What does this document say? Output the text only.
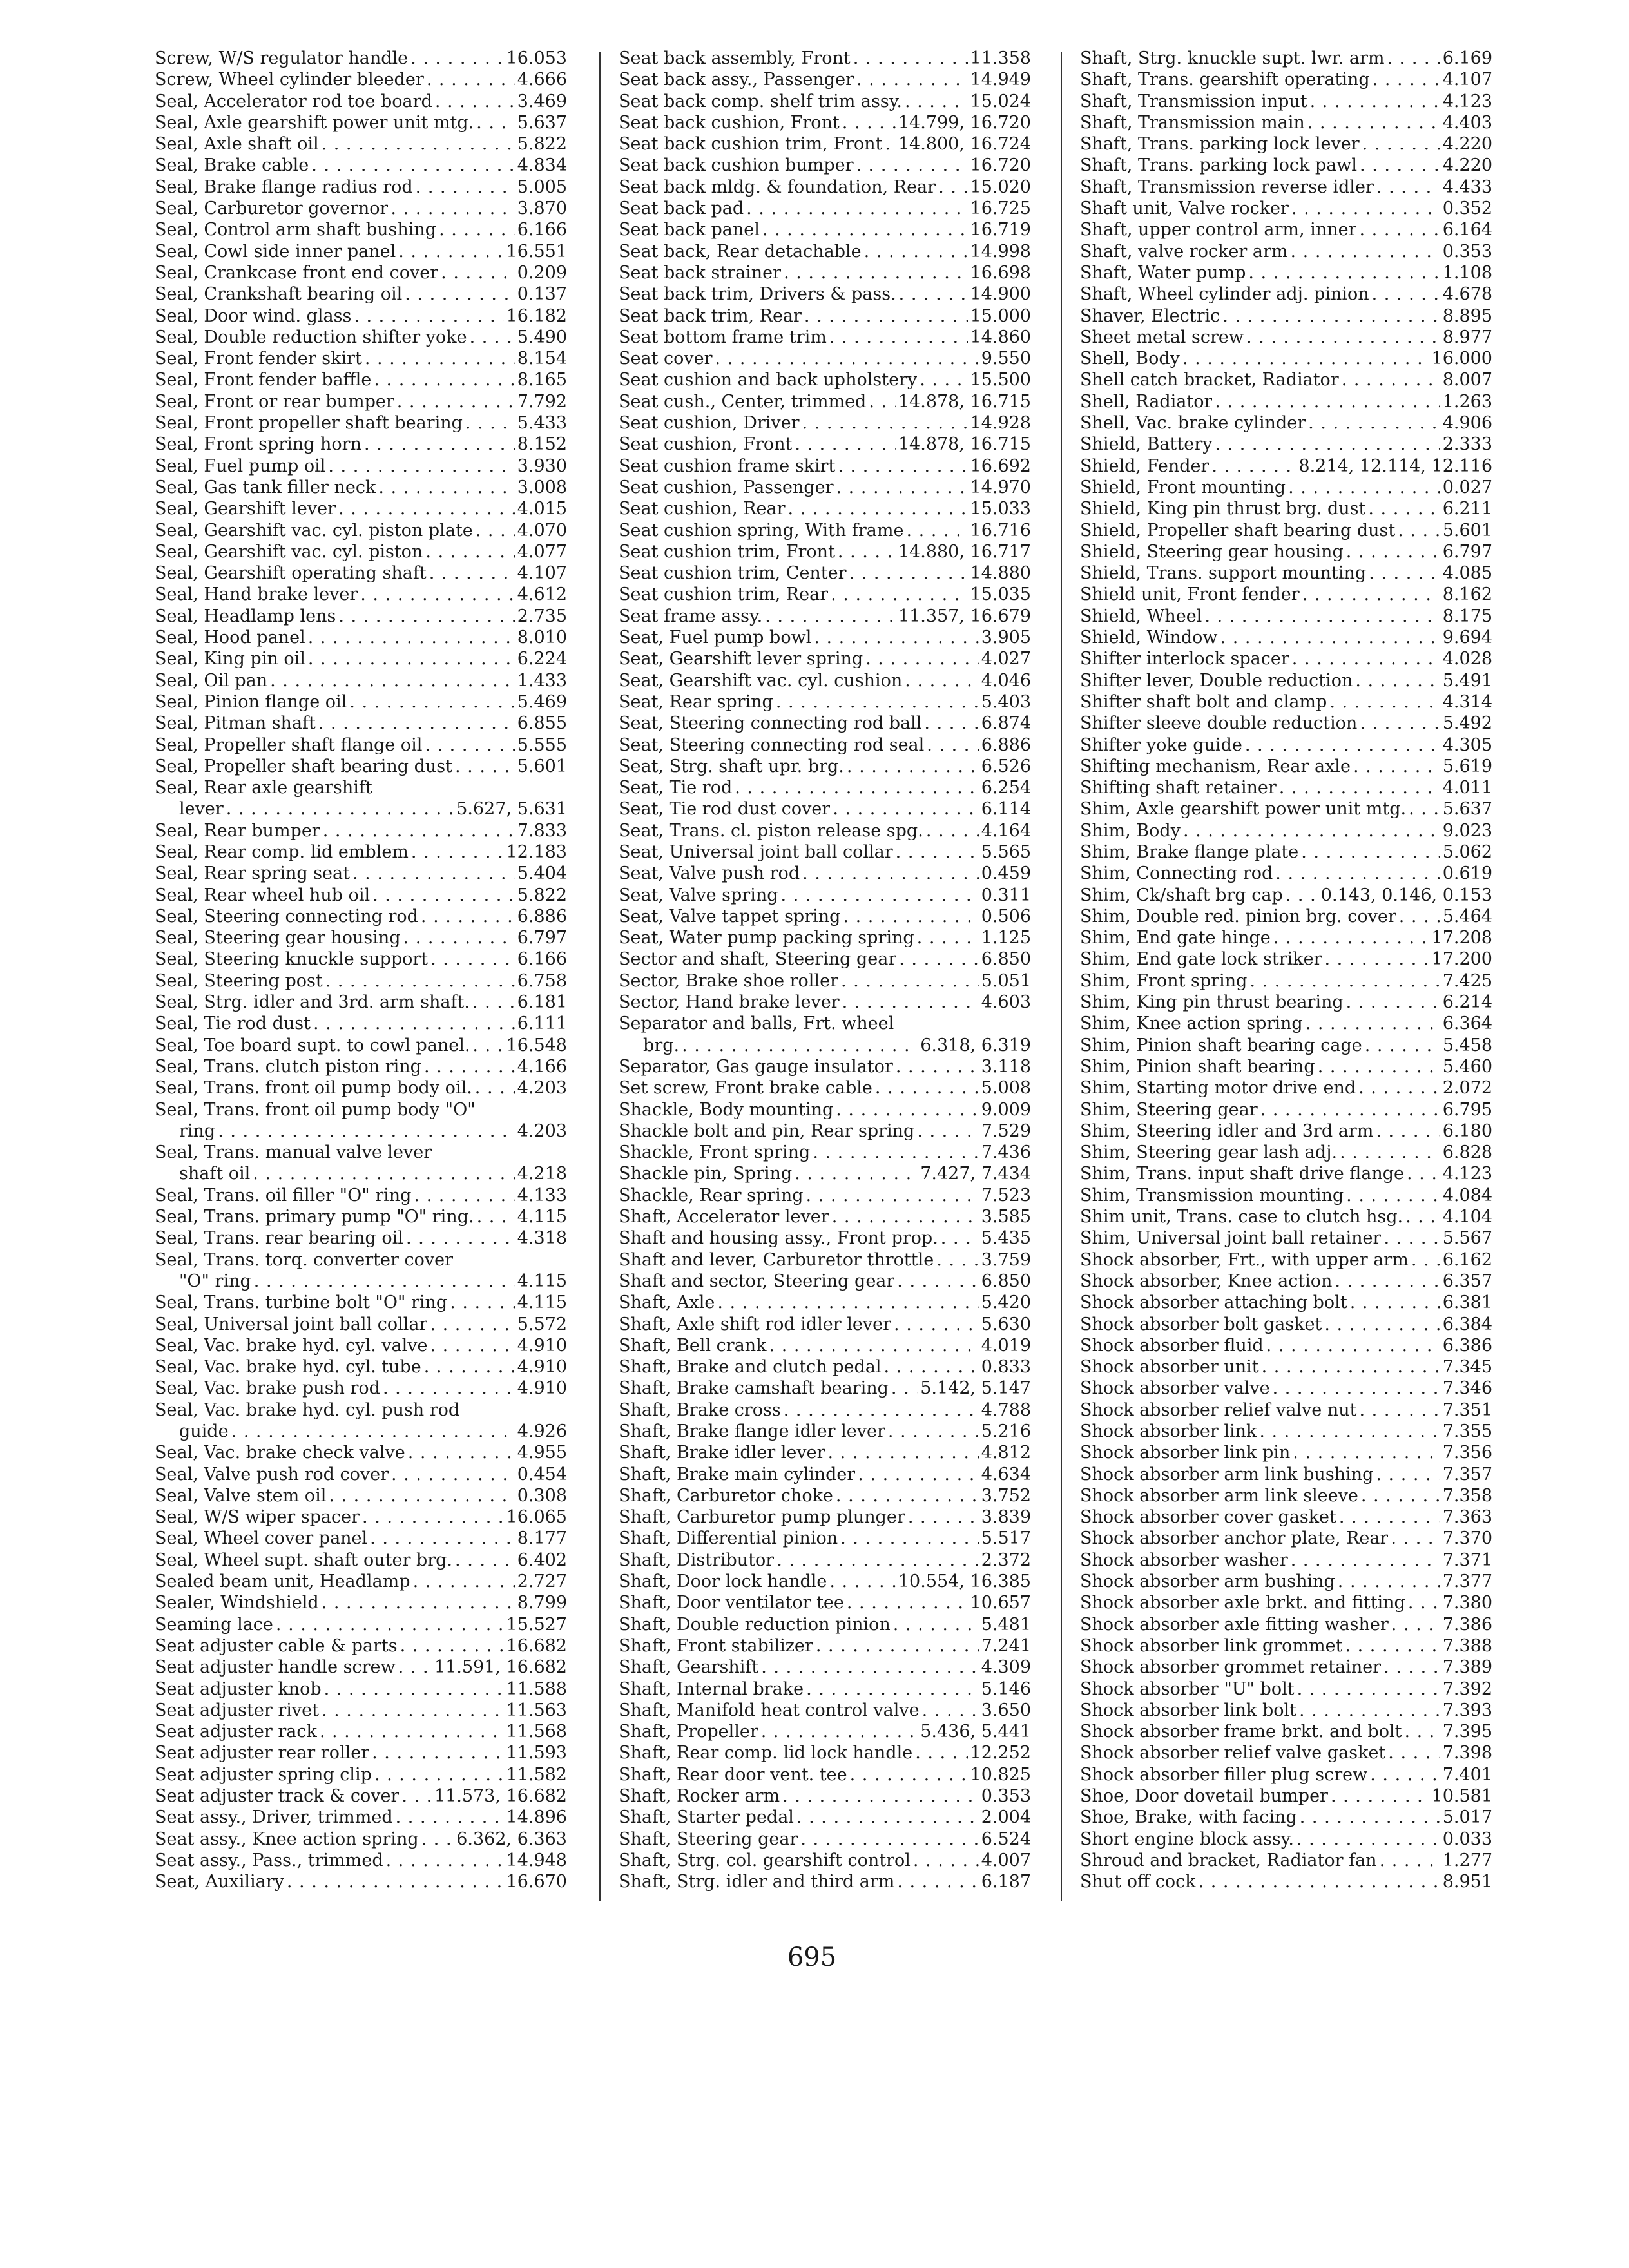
Screw, W/S regulator handle . . .	16.053
Screw, Wheel cylinder bleeder . . .	4.666
Seal, Accelerator rod toe board . . .	3.469
Seal, Axle gearshift power unit mtg. . . .	5.637
Seal, Axle shaft oil . . .	5.822
Seal, Brake cable . . .	4.834
Seal, Brake flange radius rod . . .	5.005
Seal, Carburetor governor . . .	3.870
Seal, Control arm shaft bushing . . .	6.166
Seal, Cowl side inner panel . . .	16.551
Seal, Crankcase front end cover . . .	0.209
Seal, Crankshaft bearing oil . . .	0.137
Seal, Door wind. glass . . .	16.182
Seal, Double reduction shifter yoke . . .	5.490
Seal, Front fender skirt . . .	8.154
Seal, Front fender baffle . . .	8.165
Seal, Front or rear bumper . . .	7.792
Seal, Front propeller shaft bearing . . .	5.433
Seal, Front spring horn . . .	8.152
Seal, Fuel pump oil . . .	3.930
Seal, Gas tank filler neck . . .	3.008
Seal, Gearshift lever . . .	4.015
Seal, Gearshift vac. cyl. piston plate . . .	4.070
Seal, Gearshift vac. cyl. piston . . .	4.077
Seal, Gearshift operating shaft . . .	4.107
Seal, Hand brake lever . . .	4.612
Seal, Headlamp lens . . .	2.735
Seal, Hood panel . . .	8.010
Seal, King pin oil . . .	6.224
Seal, Oil pan . . .	1.433
Seal, Pinion flange oil . . .	5.469
Seal, Pitman shaft . . .	6.855
Seal, Propeller shaft flange oil . . .	5.555
Seal, Propeller shaft bearing dust . . .	5.601
Seal, Rear axle gearshift
lever . . .	5.627, 5.631
Seal, Rear bumper . . .	7.833
Seal, Rear comp. lid emblem . . .	12.183
Seal, Rear spring seat . . .	5.404
Seal, Rear wheel hub oil . . .	5.822
Seal, Steering connecting rod . . .	6.886
Seal, Steering gear housing . . .	6.797
Seal, Steering knuckle support . . .	6.166
Seal, Steering post . . .	6.758
Seal, Strg. idler and 3rd. arm shaft. . . .	6.181
Seal, Tie rod dust . . .	6.111
Seal, Toe board supt. to cowl panel. . . . 16.548
Seal, Trans. clutch piston ring . . .	4.166
Seal, Trans. front oil pump body oil. . . .	4.203
Seal, Trans. front oil pump body "O"
ring . . .	4.203
Seal, Trans. manual valve lever
shaft oil . . .	4.218
Seal, Trans. oil filler "O" ring . . .	4.133
Seal, Trans. primary pump "O" ring. . . . 4.115
Seal, Trans. rear bearing oil . . .	4.318
Seal, Trans. torq. converter cover
"O" ring . . .	4.115
Seal, Trans. turbine bolt "O" ring . . .	4.115
Seal, Universal joint ball collar . . .	5.572
Seal, Vac. brake hyd. cyl. valve . . .	4.910
Seal, Vac. brake hyd. cyl. tube . . .	4.910
Seal, Vac. brake push rod . . .	4.910
Seal, Vac. brake hyd. cyl. push rod
guide . . .	4.926
Seal, Vac. brake check valve . . .	4.955
Seal, Valve push rod cover . . .	0.454
Seal, Valve stem oil . . .	0.308
Seal, W/S wiper spacer . . .	16.065
Seal, Wheel cover panel . . .	8.177
Seal, Wheel supt. shaft outer brg. . . .	6.402
Sealed beam unit, Headlamp . . .	2.727
Sealer, Windshield . . .	8.799
Seaming lace . . .	15.527
Seat adjuster cable & parts . . .	16.682
Seat adjuster handle screw . . . 11.591, 16.682
Seat adjuster knob . . .	11.588
Seat adjuster rivet . . .	11.563
Seat adjuster rack . . .	11.568
Seat adjuster rear roller . . .	11.593
Seat adjuster spring clip . . .	11.582
Seat adjuster track & cover . . . 11.573, 16.682
Seat assy., Driver, trimmed . . .	14.896
Seat assy., Knee action spring . . . 6.362, 6.363
Seat assy., Pass., trimmed . . .	14.948
Seat, Auxiliary . . .	16.670
Seat back assembly, Front . . .	11.358
Seat back assy., Passenger . . .	14.949
Seat back comp. shelf trim assy. . . .	15.024
Seat back cushion, Front . . .	14.799, 16.720
Seat back cushion trim, Front . . . 14.800, 16.724
Seat back cushion bumper . . .	16.720
Seat back mldg. & foundation, Rear . . . 15.020
Seat back pad . . .	16.725
Seat back panel . . .	16.719
Seat back, Rear detachable . . .	14.998
Seat back strainer . . .	16.698
Seat back trim, Drivers & pass. . . .	14.900
Seat back trim, Rear . . .	15.000
Seat bottom frame trim . . .	14.860
Seat cover . . .	9.550
Seat cushion and back upholstery . . .	15.500
Seat cush., Center, trimmed . . . 14.878, 16.715
Seat cushion, Driver . . .	14.928
Seat cushion, Front . . .	14.878, 16.715
Seat cushion frame skirt . . .	16.692
Seat cushion, Passenger . . .	14.970
Seat cushion, Rear . . .	15.033
Seat cushion spring, With frame . . .	16.716
Seat cushion trim, Front . . .	14.880, 16.717
Seat cushion trim, Center . . .	14.880
Seat cushion trim, Rear . . .	15.035
Seat frame assy. . . .	11.357, 16.679
Seat, Fuel pump bowl . . .	3.905
Seat, Gearshift lever spring . . .	4.027
Seat, Gearshift vac. cyl. cushion . . .	4.046
Seat, Rear spring . . .	5.403
Seat, Steering connecting rod ball . . .	6.874
Seat, Steering connecting rod seal . . .	6.886
Seat, Strg. shaft upr. brg. . . .	6.526
Seat, Tie rod . . .	6.254
Seat, Tie rod dust cover . . .	6.114
Seat, Trans. cl. piston release spg. . . .	4.164
Seat, Universal joint ball collar . . .	5.565
Seat, Valve push rod . . .	0.459
Seat, Valve spring . . .	0.311
Seat, Valve tappet spring . . .	0.506
Seat, Water pump packing spring . . .	1.125
Sector and shaft, Steering gear . . .	6.850
Sector, Brake shoe roller . . .	5.051
Sector, Hand brake lever . . .	4.603
Separator and balls, Frt. wheel
brg. . . .	6.318, 6.319
Separator, Gas gauge insulator . . .	3.118
Set screw, Front brake cable . . .	5.008
Shackle, Body mounting . . .	9.009
Shackle bolt and pin, Rear spring . . .	7.529
Shackle, Front spring . . .	7.436
Shackle pin, Spring . . .	7.427, 7.434
Shackle, Rear spring . . .	7.523
Shaft, Accelerator lever . . .	3.585
Shaft and housing assy., Front prop. . . . 5.435
Shaft and lever, Carburetor throttle . . .	3.759
Shaft and sector, Steering gear . . .	6.850
Shaft, Axle . . .	5.420
Shaft, Axle shift rod idler lever . . .	5.630
Shaft, Bell crank . . .	4.019
Shaft, Brake and clutch pedal . . .	0.833
Shaft, Brake camshaft bearing . . . 5.142, 5.147
Shaft, Brake cross . . .	4.788
Shaft, Brake flange idler lever . . .	5.216
Shaft, Brake idler lever . . .	4.812
Shaft, Brake main cylinder . . .	4.634
Shaft, Carburetor choke . . .	3.752
Shaft, Carburetor pump plunger . . .	3.839
Shaft, Differential pinion . . .	5.517
Shaft, Distributor . . .	2.372
Shaft, Door lock handle . . .	10.554, 16.385
Shaft, Door ventilator tee . . .	10.657
Shaft, Double reduction pinion . . .	5.481
Shaft, Front stabilizer . . .	7.241
Shaft, Gearshift . . .	4.309
Shaft, Internal brake . . .	5.146
Shaft, Manifold heat control valve . . .	3.650
Shaft, Propeller . . .	5.436, 5.441
Shaft, Rear comp. lid lock handle . . .	12.252
Shaft, Rear door vent. tee . . .	10.825
Shaft, Rocker arm . . .	0.353
Shaft, Starter pedal . . .	2.004
Shaft, Steering gear . . .	6.524
Shaft, Strg. col. gearshift control . . .	4.007
Shaft, Strg. idler and third arm . . .	6.187
Shaft, Strg. knuckle supt. lwr. arm . . .	6.169
Shaft, Trans. gearshift operating . . .	4.107
Shaft, Transmission input . . .	4.123
Shaft, Transmission main . . .	4.403
Shaft, Trans. parking lock lever . . .	4.220
Shaft, Trans. parking lock pawl . . .	4.220
Shaft, Transmission reverse idler . . .	4.433
Shaft unit, Valve rocker . . .	0.352
Shaft, upper control arm, inner . . .	6.164
Shaft, valve rocker arm . . .	0.353
Shaft, Water pump . . .	1.108
Shaft, Wheel cylinder adj. pinion . . .	4.678
Shaver, Electric . . .	8.895
Sheet metal screw . . .	8.977
Shell, Body . . .	16.000
Shell catch bracket, Radiator . . .	8.007
Shell, Radiator . . .	1.263
Shell, Vac. brake cylinder . . .	4.906
Shield, Battery . . .	2.333
Shield, Fender . . .	8.214, 12.114, 12.116
Shield, Front mounting . . .	0.027
Shield, King pin thrust brg. dust . . .	6.211
Shield, Propeller shaft bearing dust . . .	5.601
Shield, Steering gear housing . . .	6.797
Shield, Trans. support mounting . . .	4.085
Shield unit, Front fender . . .	8.162
Shield, Wheel . . .	8.175
Shield, Window . . .	9.694
Shifter interlock spacer . . .	4.028
Shifter lever, Double reduction . . .	5.491
Shifter shaft bolt and clamp . . .	4.314
Shifter sleeve double reduction . . .	5.492
Shifter yoke guide . . .	4.305
Shifting mechanism, Rear axle . . .	5.619
Shifting shaft retainer . . .	4.011
Shim, Axle gearshift power unit mtg. . . . 5.637
Shim, Body . . .	9.023
Shim, Brake flange plate . . .	5.062
Shim, Connecting rod . . .	0.619
Shim, Ck/shaft brg cap . . . 0.143, 0.146, 0.153
Shim, Double red. pinion brg. cover . . .	5.464
Shim, End gate hinge . . .	17.208
Shim, End gate lock striker . . .	17.200
Shim, Front spring . . .	7.425
Shim, King pin thrust bearing . . .	6.214
Shim, Knee action spring . . .	6.364
Shim, Pinion shaft bearing cage . . .	5.458
Shim, Pinion shaft bearing . . .	5.460
Shim, Starting motor drive end . . .	2.072
Shim, Steering gear . . .	6.795
Shim, Steering idler and 3rd arm . . .	6.180
Shim, Steering gear lash adj. . . .	6.828
Shim, Trans. input shaft drive flange . . . 4.123
Shim, Transmission mounting . . .	4.084
Shim unit, Trans. case to clutch hsg. . . . 4.104
Shim, Universal joint ball retainer . . .	5.567
Shock absorber, Frt., with upper arm . . . 6.162
Shock absorber, Knee action . . .	6.357
Shock absorber attaching bolt . . .	6.381
Shock absorber bolt gasket . . .	6.384
Shock absorber fluid . . .	6.386
Shock absorber unit . . .	7.345
Shock absorber valve . . .	7.346
Shock absorber relief valve nut . . .	7.351
Shock absorber link . . .	7.355
Shock absorber link pin . . .	7.356
Shock absorber arm link bushing . . .	7.357
Shock absorber arm link sleeve . . .	7.358
Shock absorber cover gasket . . .	7.363
Shock absorber anchor plate, Rear . . .	7.370
Shock absorber washer . . .	7.371
Shock absorber arm bushing . . .	7.377
Shock absorber axle brkt. and fitting . . . 7.380
Shock absorber axle fitting washer . . .	7.386
Shock absorber link grommet . . .	7.388
Shock absorber grommet retainer . . .	7.389
Shock absorber "U" bolt . . .	7.392
Shock absorber link bolt . . .	7.393
Shock absorber frame brkt. and bolt . . . 7.395
Shock absorber relief valve gasket . . .	7.398
Shock absorber filler plug screw . . .	7.401
Shoe, Door dovetail bumper . . .	10.581
Shoe, Brake, with facing . . .	5.017
Short engine block assy. . . .	0.033
Shroud and bracket, Radiator fan . . .	1.277
Shut off cock . . .	8.951
695
